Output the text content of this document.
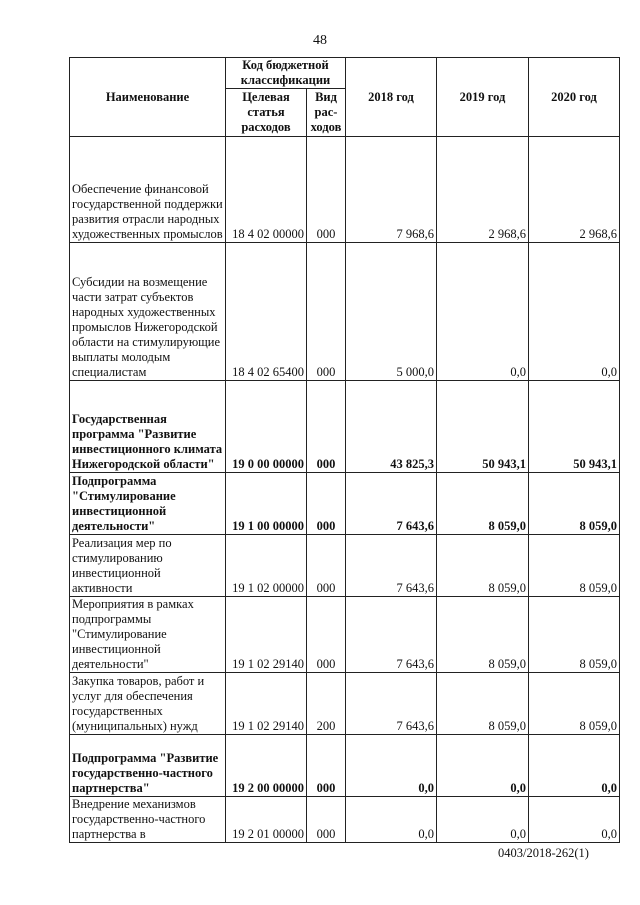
48
Наименование	Код бюджетной классификации		2018 год	2019 год	2020 год
	Целевая статья расходов	Вид рас-ходов			
Обеспечение финансовой государственной поддержки развития отрасли народных художественных промыслов	18 4 02 00000	000	7 968,6	2 968,6	2 968,6
Субсидии на возмещение части затрат субъектов народных художественных промыслов Нижегородской области на стимулирующие выплаты молодым специалистам	18 4 02 65400	000	5 000,0	0,0	0,0
Государственная программа "Развитие инвестиционного климата Нижегородской области"	19 0 00 00000	000	43 825,3	50 943,1	50 943,1
Подпрограмма "Стимулирование инвестиционной деятельности"	19 1 00 00000	000	7 643,6	8 059,0	8 059,0
Реализация мер по стимулированию инвестиционной активности	19 1 02 00000	000	7 643,6	8 059,0	8 059,0
Мероприятия в рамках подпрограммы "Стимулирование инвестиционной деятельности"	19 1 02 29140	000	7 643,6	8 059,0	8 059,0
Закупка товаров, работ и услуг для обеспечения государственных (муниципальных) нужд	19 1 02 29140	200	7 643,6	8 059,0	8 059,0
Подпрограмма "Развитие государственно-частного партнерства"	19 2 00 00000	000	0,0	0,0	0,0
Внедрение механизмов государственно-частного партнерства в	19 2 01 00000	000	0,0	0,0	0,0
0403/2018-262(1)
